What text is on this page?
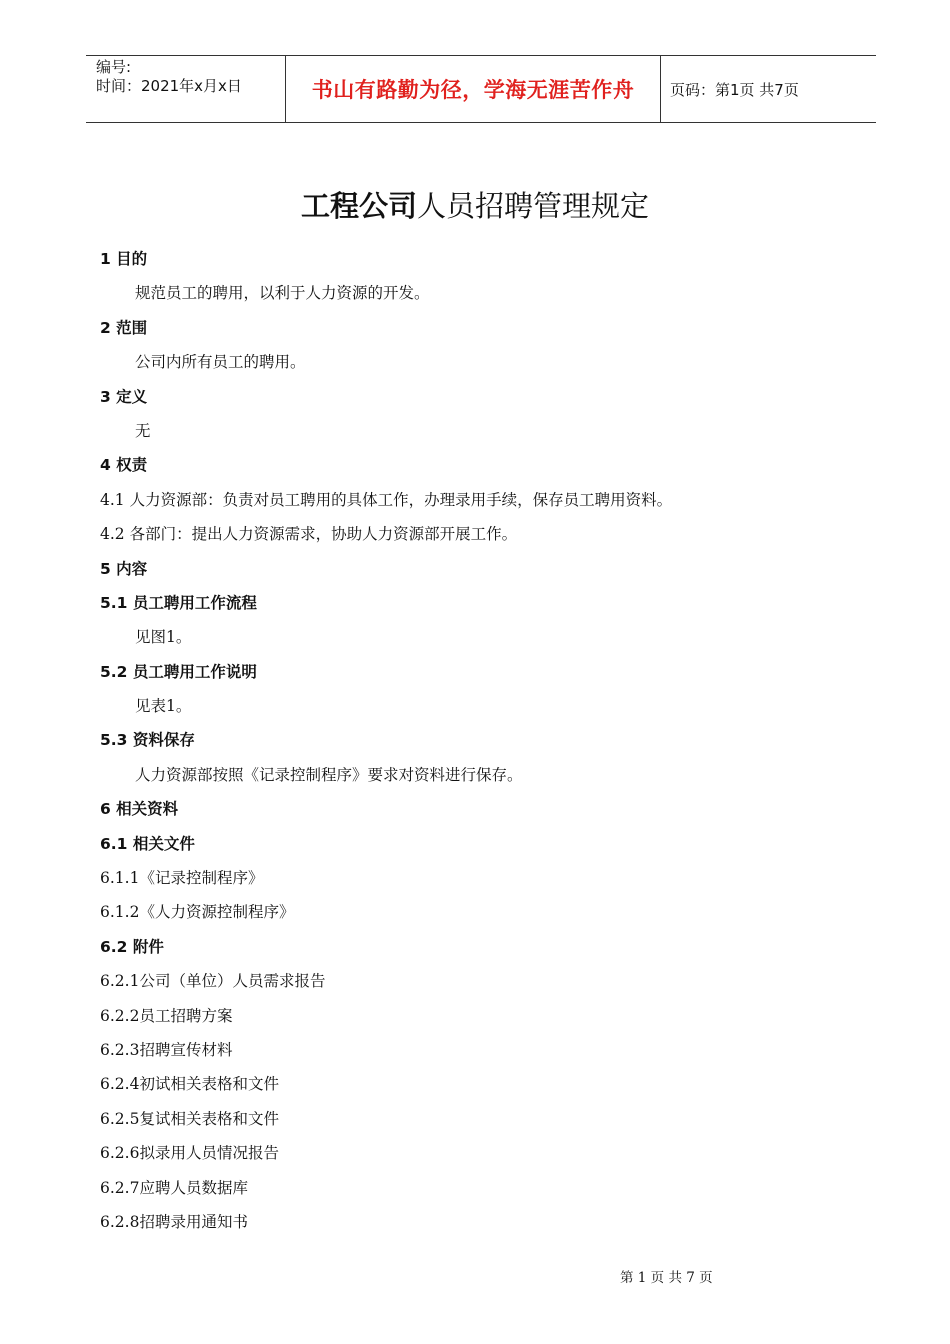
编号:
时间：2021年x月x日	书山有路勤为径，学海无涯苦作舟	页码：第1页 共7页
工程公司人员招聘管理规定
1 目的
规范员工的聘用，以利于人力资源的开发。
2 范围
公司内所有员工的聘用。
3 定义
无
4 权责
4.1 人力资源部：负责对员工聘用的具体工作，办理录用手续，保存员工聘用资料。
4.2 各部门：提出人力资源需求，协助人力资源部开展工作。
5 内容
5.1 员工聘用工作流程
见图1。
5.2 员工聘用工作说明
见表1。
5.3 资料保存
人力资源部按照《记录控制程序》要求对资料进行保存。
6 相关资料
6.1 相关文件
6.1.1《记录控制程序》
6.1.2《人力资源控制程序》
6.2 附件
6.2.1公司（单位）人员需求报告
6.2.2员工招聘方案
6.2.3招聘宣传材料
6.2.4初试相关表格和文件
6.2.5复试相关表格和文件
6.2.6拟录用人员情况报告
6.2.7应聘人员数据库
6.2.8招聘录用通知书
第 1 页 共 7 页
